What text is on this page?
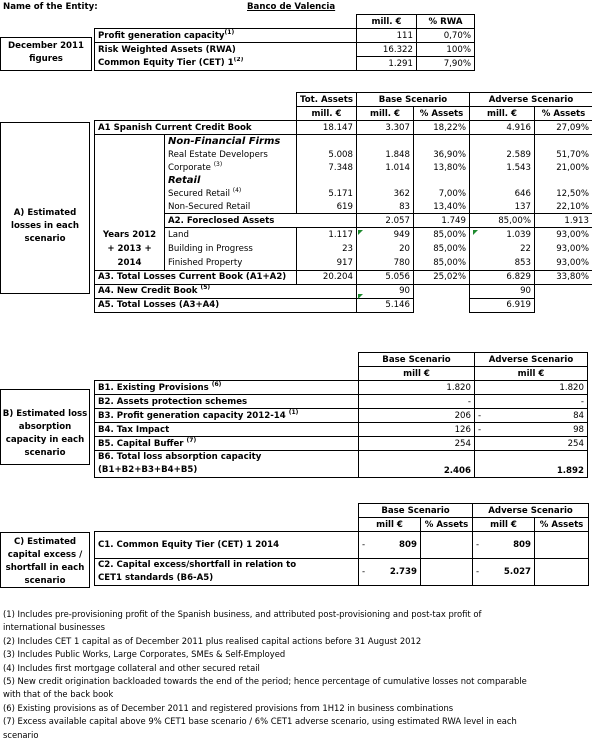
Name of the Entity:	Banco de Valencia
December 2011 figures
	mill. €	% RWA
Profit generation capacity$^{(1)}$	111	0,70%
Risk Weighted Assets (RWA)	16.322	100%
Common Equity Tier (CET) 1$^{(2)}$	1.291	7,90%
A) Estimated losses in each scenario
		Tot. Assets	Base Scenario		Adverse Scenario		
		mill. €	mill. €	% Assets	mill. €	% Assets	
A1 Spanish Current Credit Book		18.147	3.307	18,22%	4.916	27,09%	
	Non-Financial Firms						
	Real Estate Developers	5.008	1.848	36,90%	2.589	51,70%	
	Corporate $^{(3)}$	7.348	1.014	13,80%	1.543	21,00%	
	Retail						
	Secured Retail $^{(4)}$	5.171	362	7,00%	646	12,50%	
	Non-Secured Retail	619	83	13,40%	137	22,10%	
	A2. Foreclosed Assets		2.057	1.749	85,00%	1.913	
Years 2012 + 2013 + 2014	Land	1.117	949	85,00%	1.039	93,00%	
	Building in Progress	23	20	85,00%	22	93,00%	
	Finished Property	917	780	85,00%	853	93,00%	
A3. Total Losses Current Book (A1+A2)		20.204	5.056	25,02%	6.829	33,80%	
A4. New Credit Book $^{(5)}$			90		90		
A5. Total Losses (A3+A4)			5.146		6.919		
B) Estimated loss absorption capacity in each scenario
	Base Scenario		Adverse Scenario	
	mill €		mill €	
B1. Existing Provisions $^{(6)}$		1.820		1.820
B2. Assets protection schemes		-		-
B3. Profit generation capacity 2012-14 $^{(1)}$		206	-	84
B4. Tax Impact		126	-	98
B5. Capital Buffer $^{(7)}$		254		254

B6. Total loss absorption capacity
(B1+B2+B3+B4+B5)	2.406		1.892	
C) Estimated capital excess / shortfall in each scenario
	Base Scenario			Adverse Scenario		
	mill €		% Assets	mill €		% Assets
C1. Common Equity Tier (CET) 1 2014	-	809		-	809	

C2. Capital excess/shortfall in relation to
CET1 standards (B6-A5)	-	2.739		-	5.027	
(1) Includes pre-provisioning profit of the Spanish business, and attributed post-provisioning and post-tax profit of
international businesses
(2) Includes CET 1 capital as of December 2011 plus realised capital actions before 31 August 2012
(3) Includes Public Works, Large Corporates, SMEs & Self-Employed
(4) Includes first mortgage collateral and other secured retail
(5) New credit origination backloaded towards the end of the period; hence percentage of cumulative losses not comparable
with that of the back book
(6) Existing provisions as of December 2011 and registered provisions from 1H12 in business combinations
(7) Excess available capital above 9% CET1 base scenario / 6% CET1 adverse scenario, using estimated RWA level in each
scenario
